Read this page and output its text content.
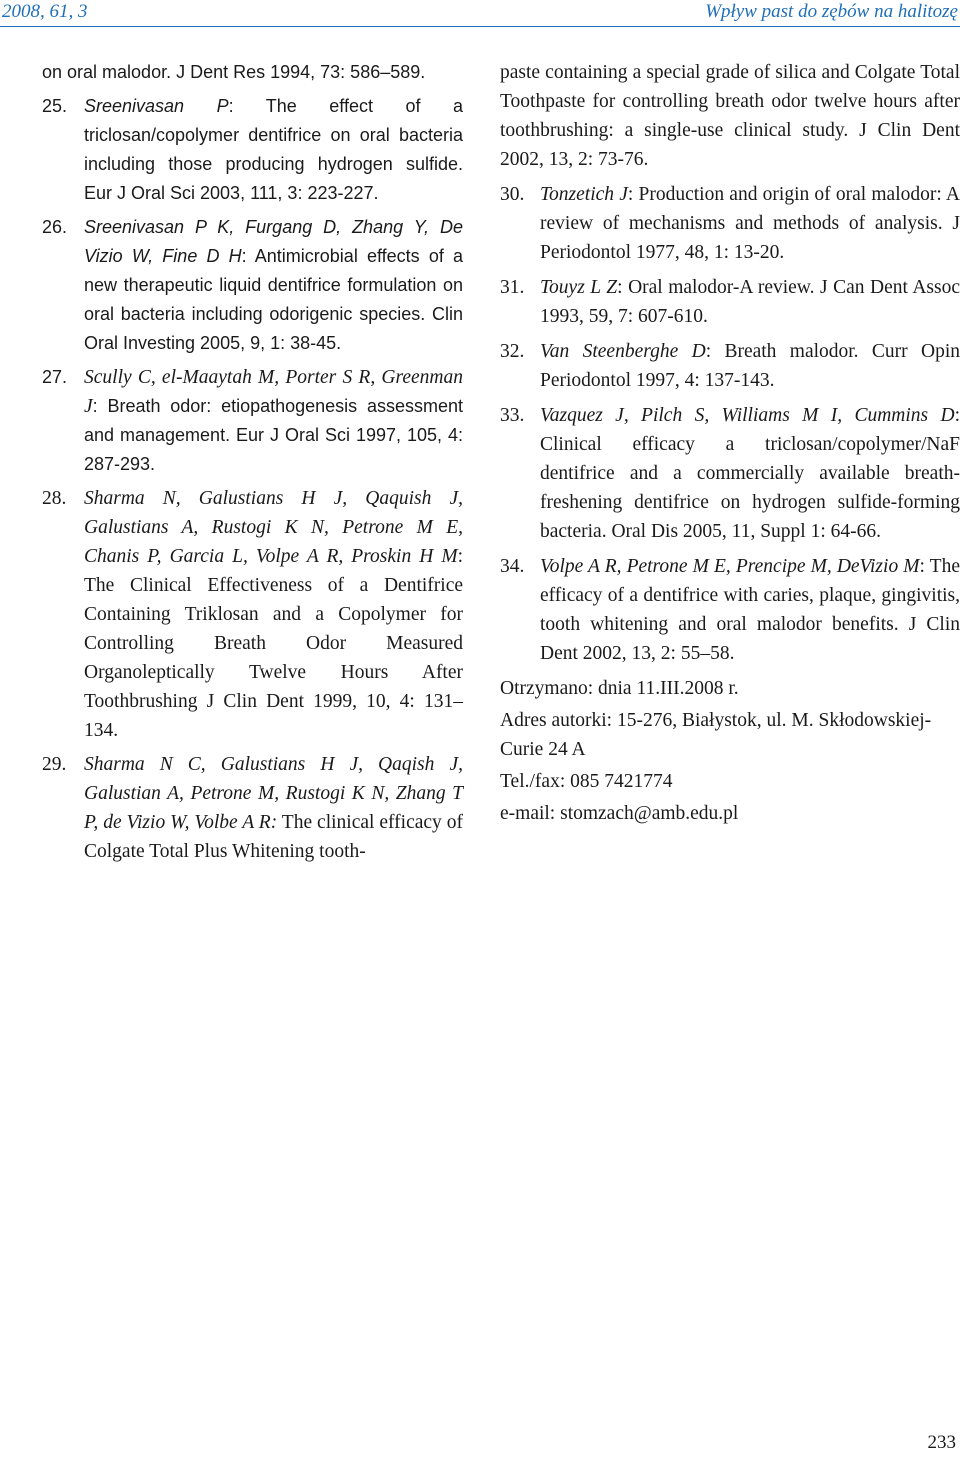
2008, 61, 3	Wpływ past do zębów na halitozę
on oral malodor. J Dent Res 1994, 73: 586–589.
25. Sreenivasan P: The effect of a triclosan/copolymer dentifrice on oral bacteria including those producing hydrogen sulfide. Eur J Oral Sci 2003, 111, 3: 223-227.
26. Sreenivasan P K, Furgang D, Zhang Y, De Vizio W, Fine D H: Antimicrobial effects of a new therapeutic liquid dentifrice formulation on oral bacteria including odorigenic species. Clin Oral Investing 2005, 9, 1: 38-45.
27. Scully C, el-Maaytah M, Porter S R, Greenman J: Breath odor: etiopathogenesis assessment and management. Eur J Oral Sci 1997, 105, 4: 287-293.
28. Sharma N, Galustians H J, Qaquish J, Galustians A, Rustogi K N, Petrone M E, Chanis P, Garcia L, Volpe A R, Proskin H M: The Clinical Effectiveness of a Dentifrice Containing Triklosan and a Copolymer for Controlling Breath Odor Measured Organoleptically Twelve Hours After Toothbrushing J Clin Dent 1999, 10, 4: 131–134.
29. Sharma N C, Galustians H J, Qaqish J, Galustian A, Petrone M, Rustogi K N, Zhang T P, de Vizio W, Volbe A R: The clinical efficacy of Colgate Total Plus Whitening tooth-
paste containing a special grade of silica and Colgate Total Toothpaste for controlling breath odor twelve hours after toothbrushing: a single-use clinical study. J Clin Dent 2002, 13, 2: 73-76.
30. Tonzetich J: Production and origin of oral malodor: A review of mechanisms and methods of analysis. J Periodontol 1977, 48, 1: 13-20.
31. Touyz L Z: Oral malodor-A review. J Can Dent Assoc 1993, 59, 7: 607-610.
32. Van Steenberghe D: Breath malodor. Curr Opin Periodontol 1997, 4: 137-143.
33. Vazquez J, Pilch S, Williams M I, Cummins D: Clinical efficacy a triclosan/copolymer/NaF dentifrice and a commercially available breath-freshening dentifrice on hydrogen sulfide-forming bacteria. Oral Dis 2005, 11, Suppl 1: 64-66.
34. Volpe A R, Petrone M E, Prencipe M, DeVizio M: The efficacy of a dentifrice with caries, plaque, gingivitis, tooth whitening and oral malodor benefits. J Clin Dent 2002, 13, 2: 55–58.

Otrzymano: dnia 11.III.2008 r.

Adres autorki: 15-276, Białystok, ul. M. Skłodowskiej-Curie 24 A

Tel./fax: 085 7421774

e-mail: stomzach@amb.edu.pl

233
